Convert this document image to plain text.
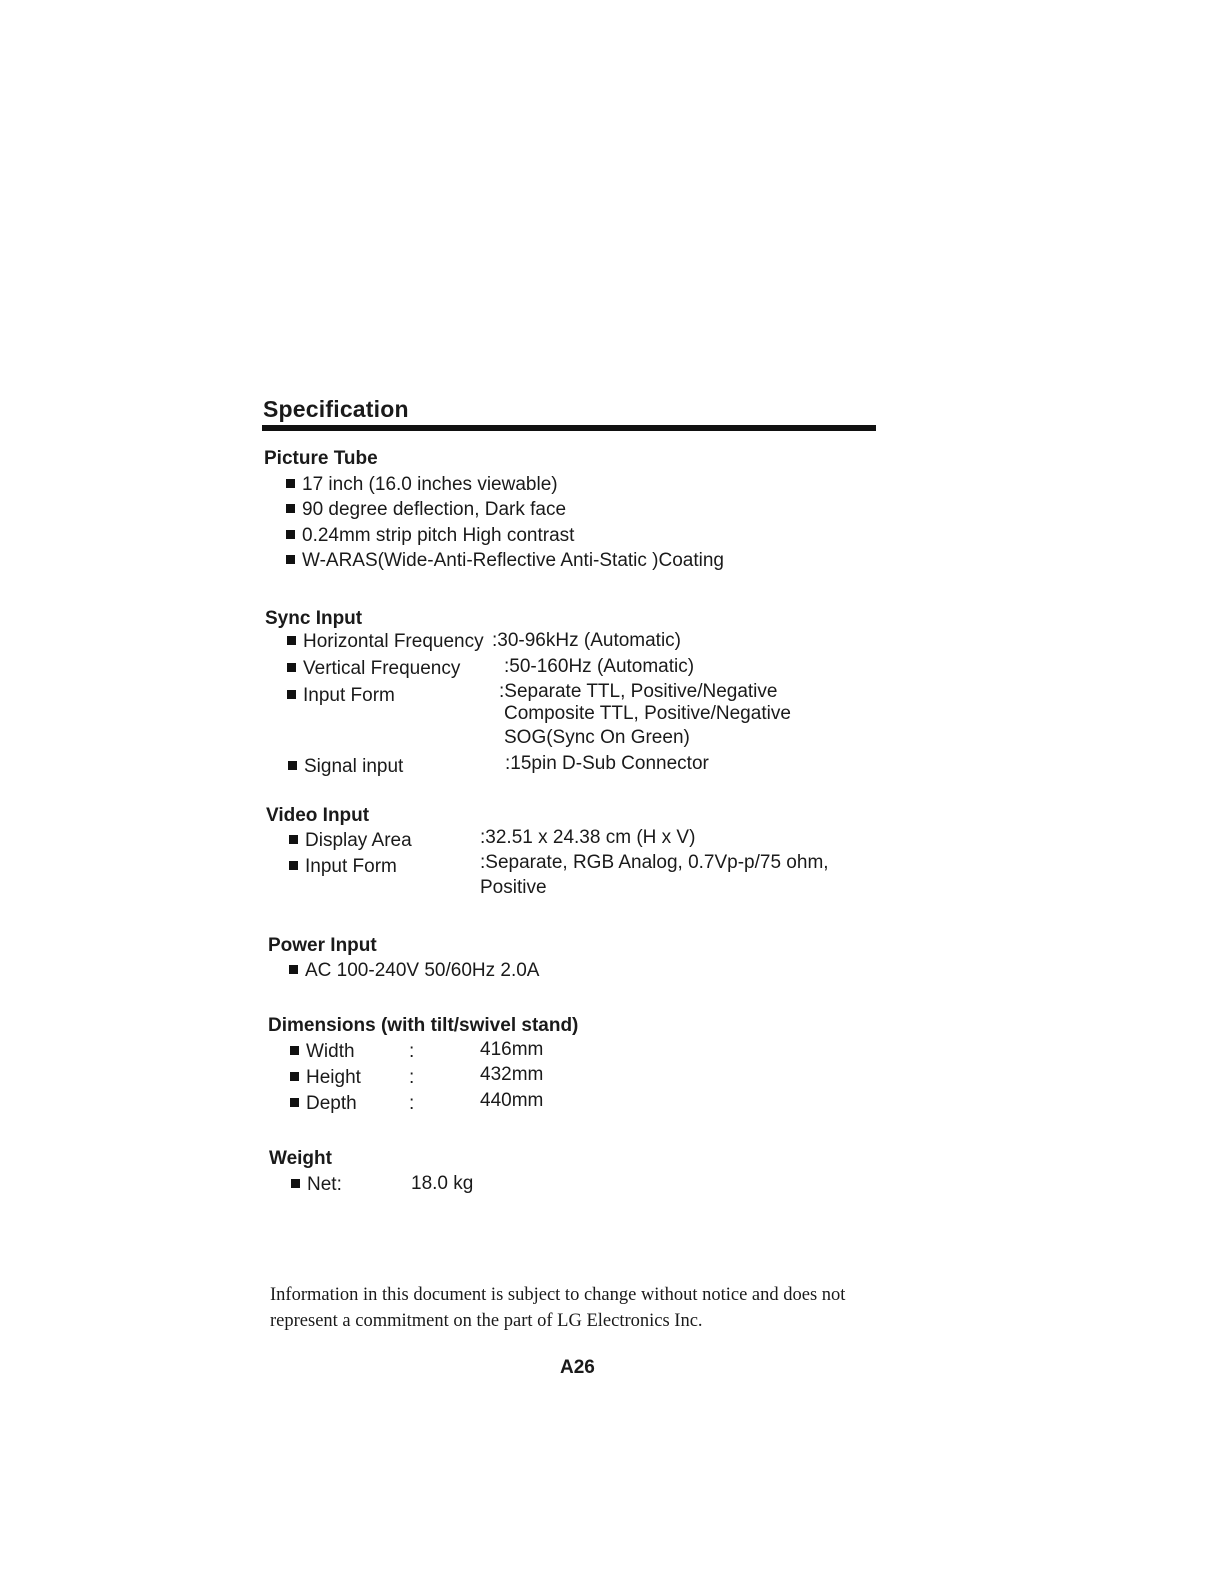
Specification
Picture Tube
17 inch (16.0 inches viewable)
90 degree deflection, Dark face
0.24mm strip pitch High contrast
W-ARAS(Wide-Anti-Reflective Anti-Static )Coating
Sync Input
Horizontal Frequency :30-96kHz (Automatic)
Vertical Frequency :50-160Hz (Automatic)
Input Form	:Separate TTL, Positive/Negative
Composite TTL, Positive/Negative
SOG(Sync On Green)
Signal input	:15pin D-Sub Connector
Video Input
Display Area	:32.51 x 24.38 cm (H x V)
Input Form	:Separate, RGB Analog, 0.7Vp-p/75 ohm,
Positive
Power Input
AC 100-240V 50/60Hz 2.0A
Dimensions (with tilt/swivel stand)
Width	:	416mm
Height	:	432mm
Depth	:	440mm
Weight
Net:	18.0 kg
Information in this document is subject to change without notice and does not represent a commitment on the part of LG Electronics Inc.
A26
